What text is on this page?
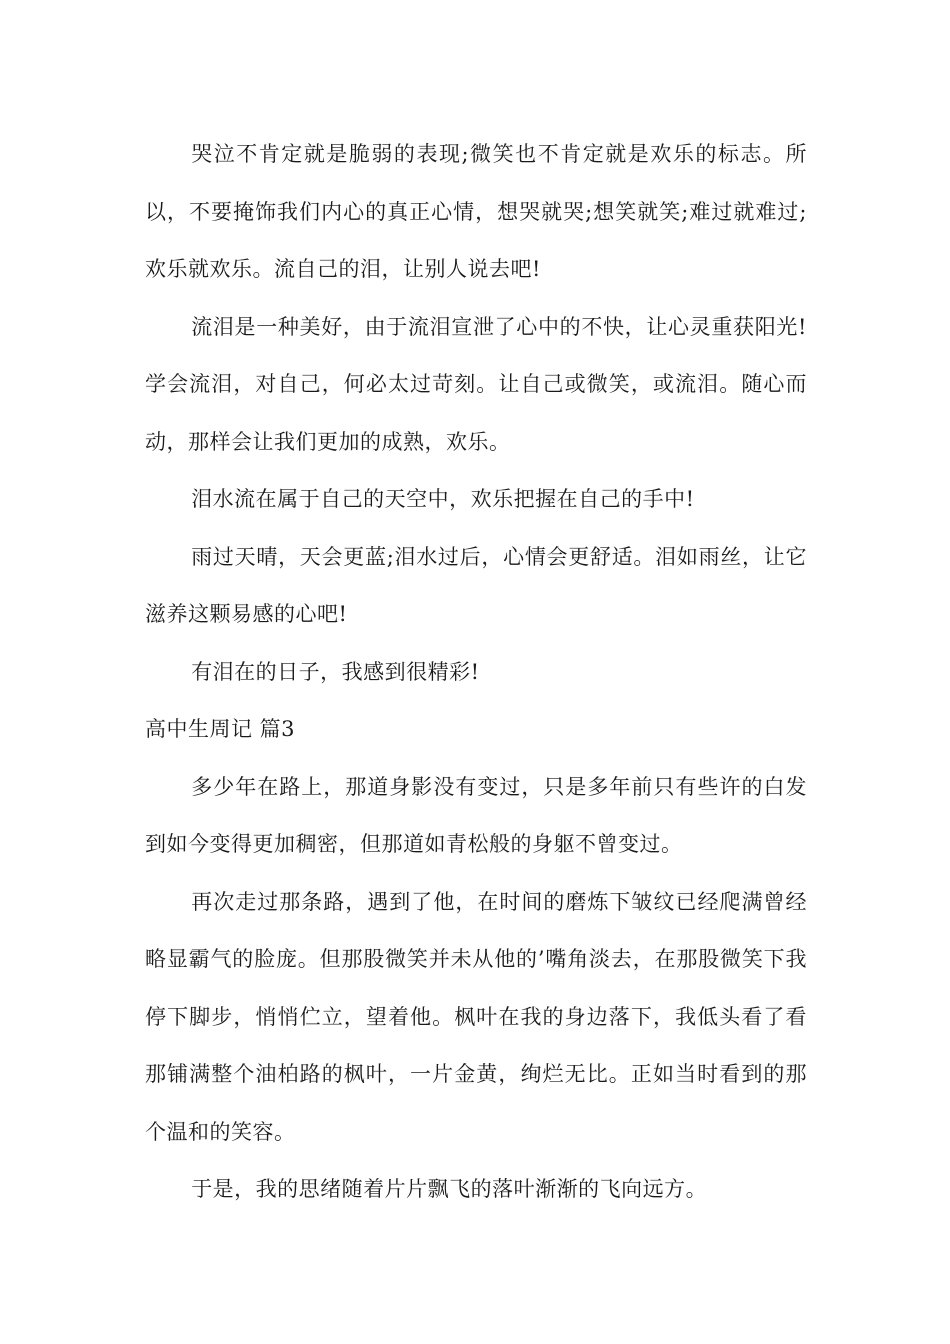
哭泣不肯定就是脆弱的表现;微笑也不肯定就是欢乐的标志。所以，不要掩饰我们内心的真正心情，想哭就哭;想笑就笑;难过就难过;欢乐就欢乐。流自己的泪，让别人说去吧!

流泪是一种美好，由于流泪宣泄了心中的不快，让心灵重获阳光!学会流泪，对自己，何必太过苛刻。让自己或微笑，或流泪。随心而动，那样会让我们更加的成熟，欢乐。

泪水流在属于自己的天空中，欢乐把握在自己的手中!

雨过天晴，天会更蓝;泪水过后，心情会更舒适。泪如雨丝，让它滋养这颗易感的心吧!

有泪在的日子，我感到很精彩!

高中生周记 篇3

多少年在路上，那道身影没有变过，只是多年前只有些许的白发到如今变得更加稠密，但那道如青松般的身躯不曾变过。

再次走过那条路，遇到了他，在时间的磨炼下皱纹已经爬满曾经略显霸气的脸庞。但那股微笑并未从他的’嘴角淡去，在那股微笑下我停下脚步，悄悄伫立，望着他。枫叶在我的身边落下，我低头看了看那铺满整个油柏路的枫叶，一片金黄，绚烂无比。正如当时看到的那个温和的笑容。

于是，我的思绪随着片片飘飞的落叶渐渐的飞向远方。
